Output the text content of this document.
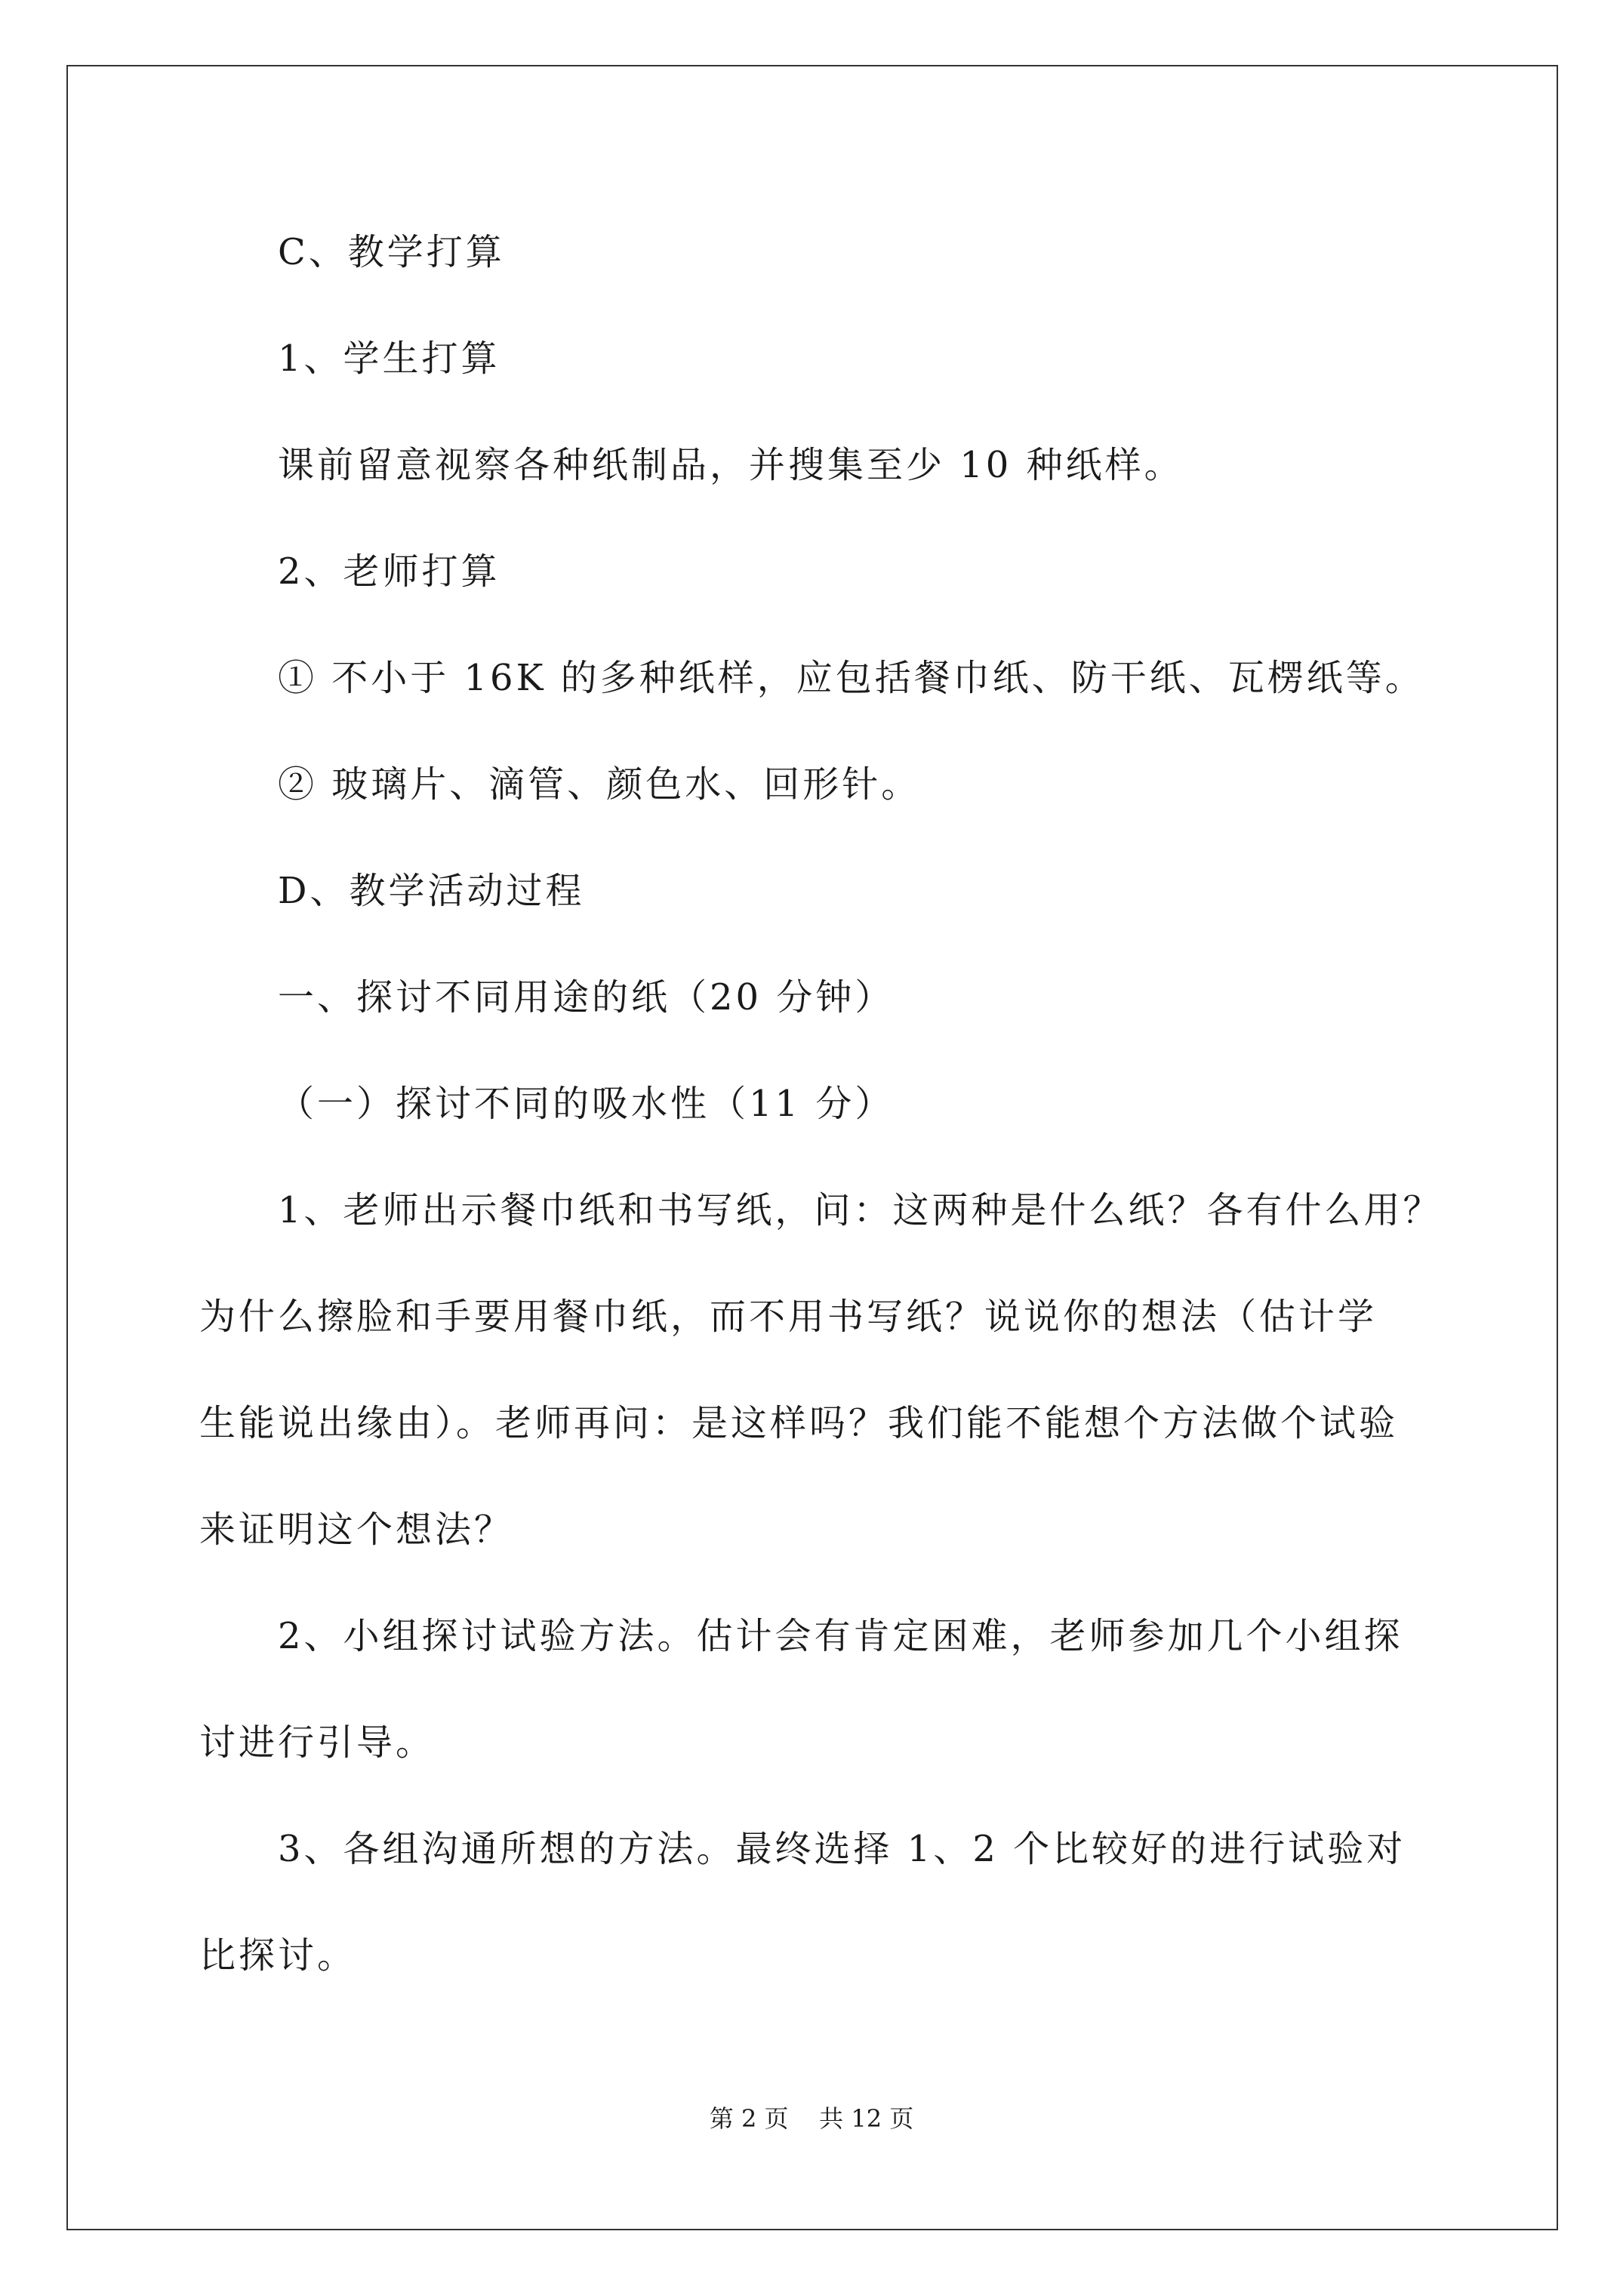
C、教学打算
1、学生打算
课前留意视察各种纸制品，并搜集至少 10 种纸样。
2、老师打算
① 不小于 16K 的多种纸样，应包括餐巾纸、防干纸、瓦楞纸等。
② 玻璃片、滴管、颜色水、回形针。
D、教学活动过程
一、探讨不同用途的纸（20 分钟）
（一）探讨不同的吸水性（11 分）
1、老师出示餐巾纸和书写纸，问：这两种是什么纸？各有什么用？
为什么擦脸和手要用餐巾纸，而不用书写纸？说说你的想法（估计学
生能说出缘由）。老师再问：是这样吗？我们能不能想个方法做个试验
来证明这个想法？
2、小组探讨试验方法。估计会有肯定困难，老师参加几个小组探
讨进行引导。
3、各组沟通所想的方法。最终选择 1、2 个比较好的进行试验对
比探讨。
第 2 页    共 12 页
